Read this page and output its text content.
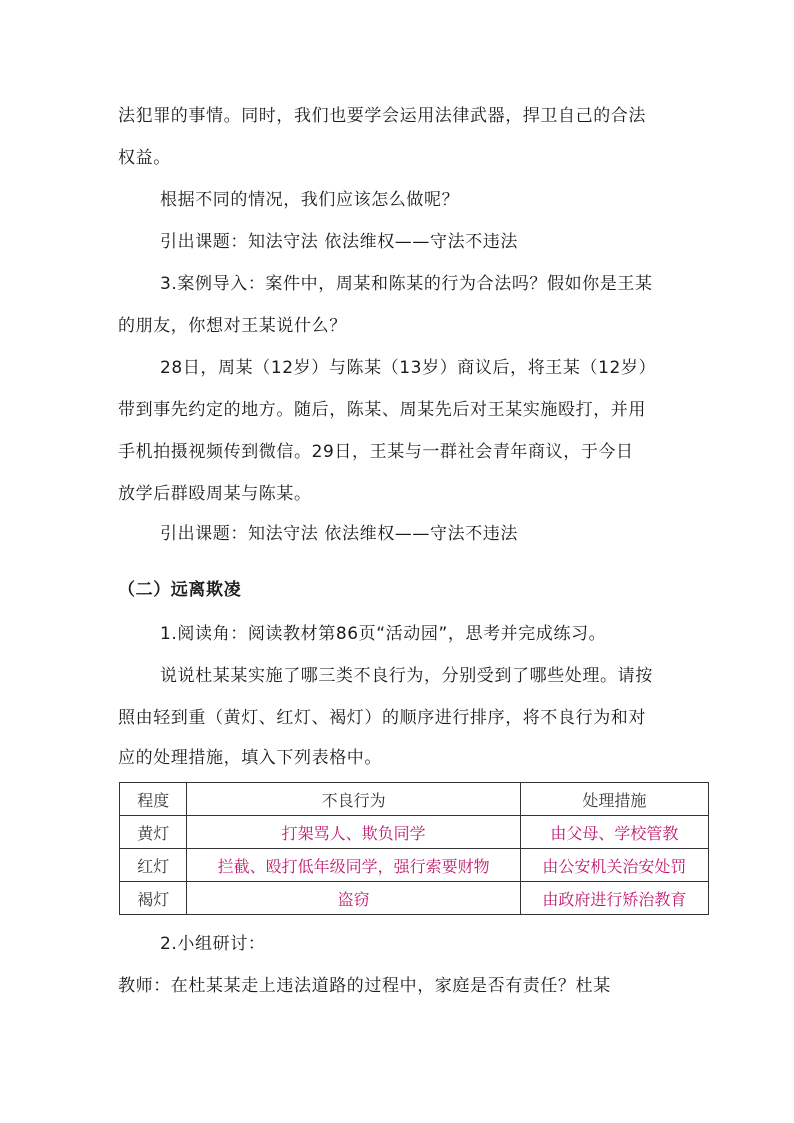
法犯罪的事情。同时，我们也要学会运用法律武器，捍卫自己的合法
权益。
根据不同的情况，我们应该怎么做呢？
引出课题：知法守法 依法维权——守法不违法
3.案例导入：案件中，周某和陈某的行为合法吗？假如你是王某
的朋友，你想对王某说什么？
28日，周某（12岁）与陈某（13岁）商议后，将王某（12岁）
带到事先约定的地方。随后，陈某、周某先后对王某实施殴打，并用
手机拍摄视频传到微信。29日，王某与一群社会青年商议，于今日
放学后群殴周某与陈某。
引出课题：知法守法 依法维权——守法不违法
（二）远离欺凌
1.阅读角：阅读教材第86页“活动园”，思考并完成练习。
说说杜某某实施了哪三类不良行为，分别受到了哪些处理。请按
照由轻到重（黄灯、红灯、褐灯）的顺序进行排序，将不良行为和对
应的处理措施，填入下列表格中。
程度	不良行为	处理措施
黄灯	打架骂人、欺负同学	由父母、学校管教
红灯	拦截、殴打低年级同学，强行索要财物	由公安机关治安处罚
褐灯	盗窃	由政府进行矫治教育
2.小组研讨：
教师：在杜某某走上违法道路的过程中，家庭是否有责任？杜某
